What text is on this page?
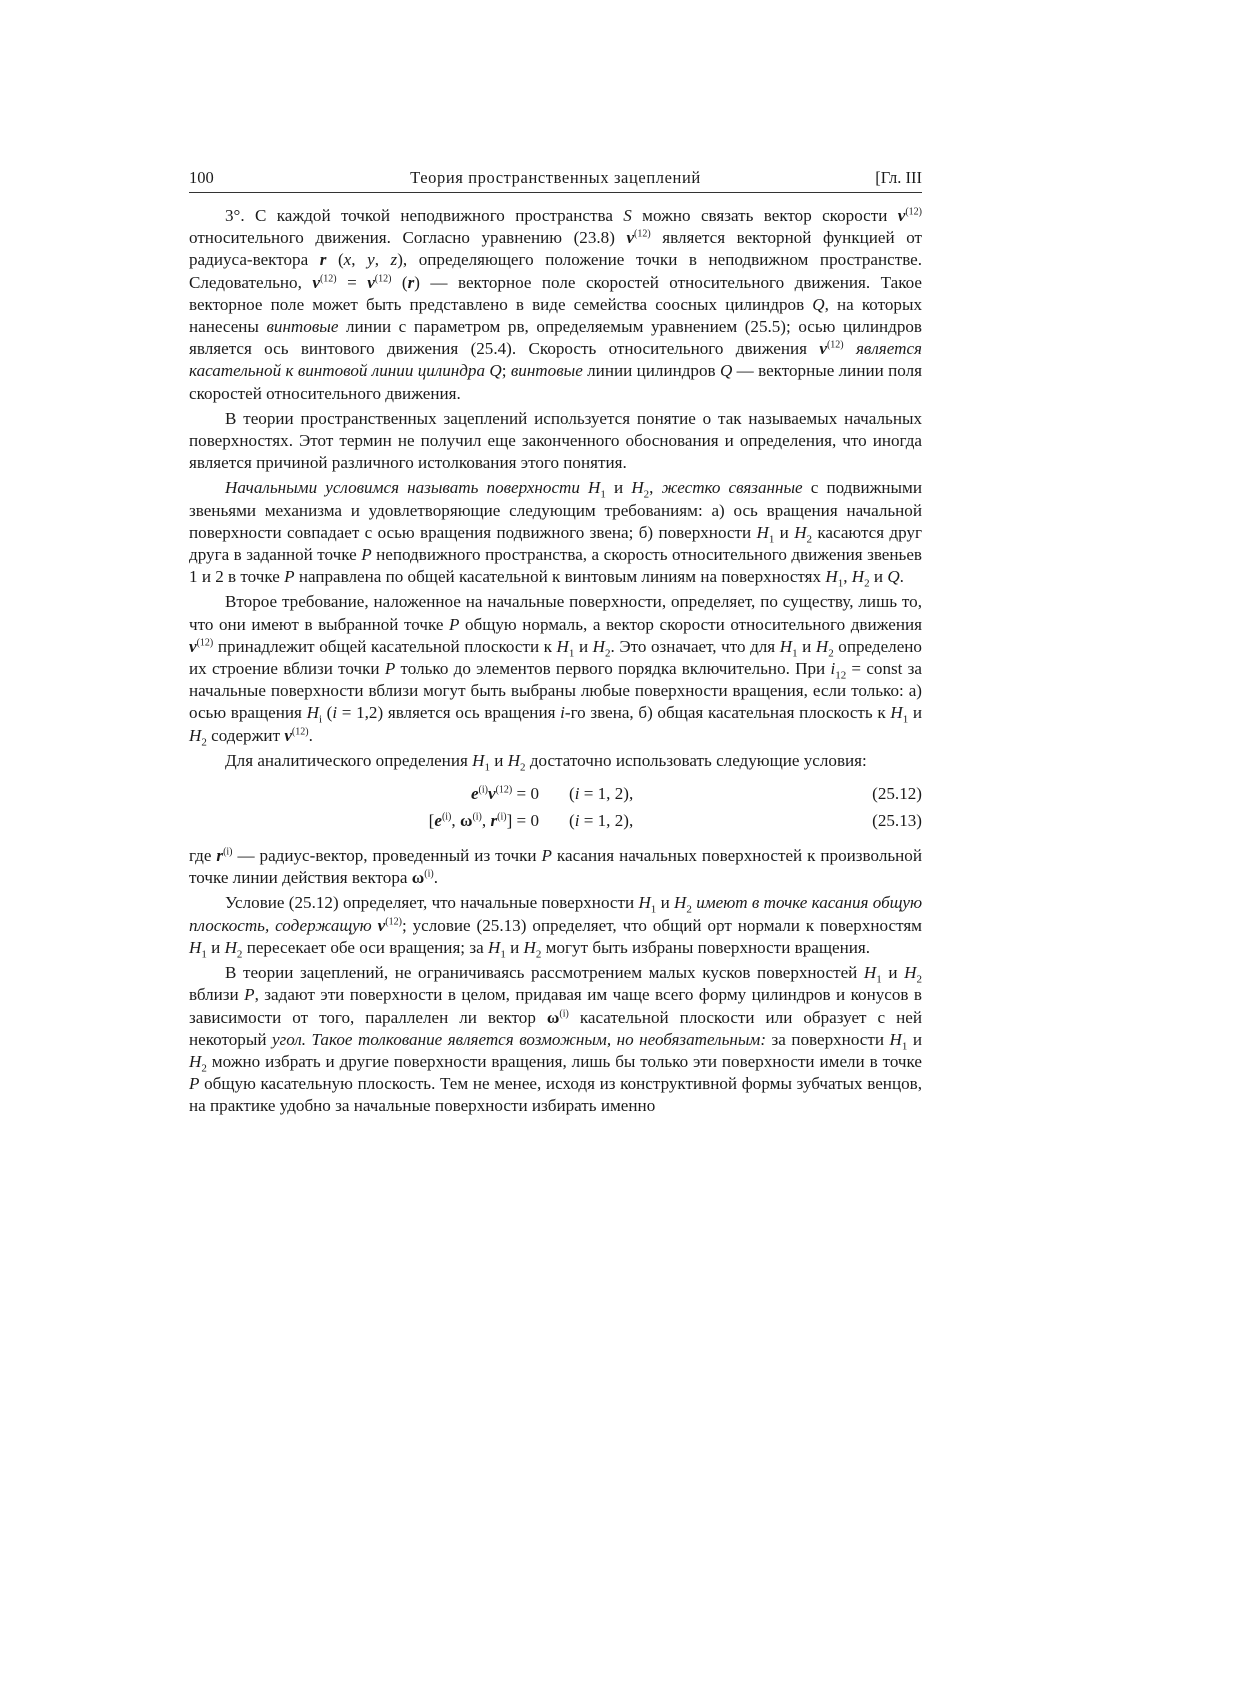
100	Теория пространственных зацеплений	[Гл. III

3°. С каждой точкой неподвижного пространства S можно связать вектор скорости $v^{(12)}$ относительного движения. Согласно уравнению (23.8) $v^{(12)}$ является векторной функцией от радиуса-вектора r (x, y, z), определяющего положение точки в неподвижном пространстве. Следовательно, $v^{(12)} = v^{(12)}$ (r) — векторное поле скоростей относительного движения. Такое векторное поле может быть представлено в виде семейства соосных цилиндров Q, на которых нанесены винтовые линии с параметром pв, определяемым уравнением (25.5); осью цилиндров является ось винтового движения (25.4). Скорость относительного движения $v^{(12)}$ является касательной к винтовой линии цилиндра Q; винтовые линии цилиндров Q — векторные линии поля скоростей относительного движения.

В теории пространственных зацеплений используется понятие о так называемых начальных поверхностях. Этот термин не получил еще законченного обоснования и определения, что иногда является причиной различного истолкования этого понятия.

Начальными условимся называть поверхности $H_1$ и $H_2$, жестко связанные с подвижными звеньями механизма и удовлетворяющие следующим требованиям: а) ось вращения начальной поверхности совпадает с осью вращения подвижного звена; б) поверхности $H_1$ и $H_2$ касаются друг друга в заданной точке P неподвижного пространства, а скорость относительного движения звеньев 1 и 2 в точке P направлена по общей касательной к винтовым линиям на поверхностях $H_1$, $H_2$ и Q.

Второе требование, наложенное на начальные поверхности, определяет, по существу, лишь то, что они имеют в выбранной точке P общую нормаль, а вектор скорости относительного движения $v^{(12)}$ принадлежит общей касательной плоскости к $H_1$ и $H_2$. Это означает, что для $H_1$ и $H_2$ определено их строение вблизи точки P только до элементов первого порядка включительно. При $i_{12}$ = const за начальные поверхности вблизи могут быть выбраны любые поверхности вращения, если только: а) осью вращения $H_i$ (i = 1,2) является ось вращения i-го звена, б) общая касательная плоскость к $H_1$ и $H_2$ содержит $v^{(12)}$.

Для аналитического определения $H_1$ и $H_2$ достаточно использовать следующие условия:

$e^{(i)}v^{(12)} = 0$	(i = 1, 2),	(25.12)
[$e^{(i)}$, $\omega^{(i)}$, $r^{(i)}] = 0$	(i = 1, 2),	(25.13)

где $r^{(i)}$ — радиус-вектор, проведенный из точки P касания начальных поверхностей к произвольной точке линии действия вектора $\omega^{(i)}$.

Условие (25.12) определяет, что начальные поверхности $H_1$ и $H_2$ имеют в точке касания общую плоскость, содержащую $v^{(12)}$; условие (25.13) определяет, что общий орт нормали к поверхностям $H_1$ и $H_2$ пересекает обе оси вращения; за $H_1$ и $H_2$ могут быть избраны поверхности вращения.

В теории зацеплений, не ограничиваясь рассмотрением малых кусков поверхностей $H_1$ и $H_2$ вблизи P, задают эти поверхности в целом, придавая им чаще всего форму цилиндров и конусов в зависимости от того, параллелен ли вектор $\omega^{(i)}$ касательной плоскости или образует с ней некоторый угол. Такое толкование является возможным, но необязательным: за поверхности $H_1$ и $H_2$ можно избрать и другие поверхности вращения, лишь бы только эти поверхности имели в точке P общую касательную плоскость. Тем не менее, исходя из конструктивной формы зубчатых венцов, на практике удобно за начальные поверхности избирать именно
